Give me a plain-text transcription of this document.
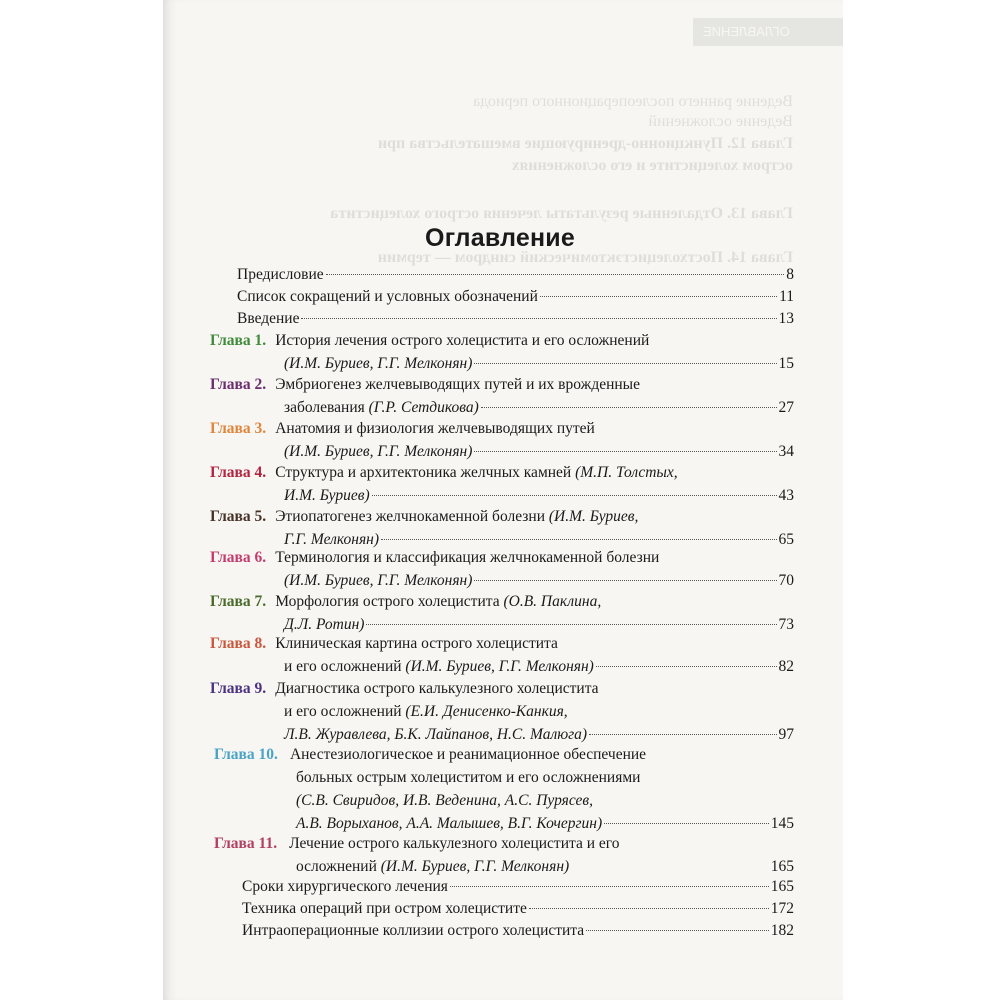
ОГЛАВЛЕНИЕ
Ведение раннего послеоперационного периода
Ведение осложнений
Глава 12. Пункционно-дренирующие вмешательства при
остром холецистите и его осложнениях
Глава 13. Отдаленные результаты лечения острого холецистита
Глава 14. Постхолецистэктомический синдром — термин
Оглавление
Предисловие	8
Список сокращений и условных обозначений	11
Введение	13
Глава 1. История лечения острого холецистита и его осложнений
(И.М. Буриев, Г.Г. Мелконян)	15
Глава 2. Эмбриогенез желчевыводящих путей и их врожденные
заболевания (Г.Р. Сетдикова)	27
Глава 3. Анатомия и физиология желчевыводящих путей
(И.М. Буриев, Г.Г. Мелконян)	34
Глава 4. Структура и архитектоника желчных камней (М.П. Толстых,
И.М. Буриев)	43
Глава 5. Этиопатогенез желчнокаменной болезни (И.М. Буриев,
Г.Г. Мелконян)	65
Глава 6. Терминология и классификация желчнокаменной болезни
(И.М. Буриев, Г.Г. Мелконян)	70
Глава 7. Морфология острого холецистита (О.В. Паклина,
Д.Л. Ротин)	73
Глава 8. Клиническая картина острого холецистита
и его осложнений (И.М. Буриев, Г.Г. Мелконян)	82
Глава 9. Диагностика острого калькулезного холецистита
и его осложнений (Е.И. Денисенко-Канкия,
Л.В. Журавлева, Б.К. Лайпанов, Н.С. Малюга)	97
Глава 10. Анестезиологическое и реанимационное обеспечение
больных острым холециститом и его осложнениями
(С.В. Свиридов, И.В. Веденина, А.С. Пурясев,
А.В. Ворыханов, А.А. Малышев, В.Г. Кочергин)	145
Глава 11. Лечение острого калькулезного холецистита и его
осложнений (И.М. Буриев, Г.Г. Мелконян)	165
Сроки хирургического лечения	165
Техника операций при остром холецистите	172
Интраоперационные коллизии острого холецистита	182
